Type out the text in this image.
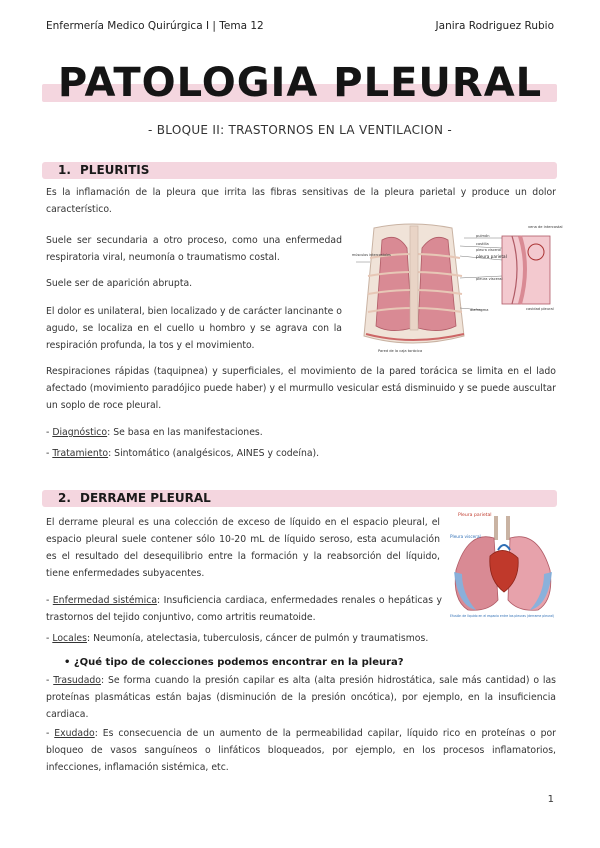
Enfermería Medico Quirúrgica I | Tema 12	Janira Rodriguez Rubio
PATOLOGIA PLEURAL
- BLOQUE II: TRASTORNOS EN LA VENTILACION -
1. PLEURITIS
Es la inflamación de la pleura que irrita las fibras sensitivas de la pleura parietal y produce un dolor característico.
Suele ser secundaria a otro proceso, como una enfermedad respiratoria viral, neumonía o traumatismo costal.
Suele ser de aparición abrupta.
El dolor es unilateral, bien localizado y de carácter lancinante o agudo, se localiza en el cuello u hombro y se agrava con la respiración profunda, la tos y el movimiento.
pulmón
costilla
vena de intercostal
músculos intercostales	pleura parietal
pleura visceral
pleura visceral
diafragma	cavidad pleural
Pared de la caja torácica
Respiraciones rápidas (taquipnea) y superficiales, el movimiento de la pared torácica se limita en el lado afectado (movimiento paradójico puede haber) y el murmullo vesicular está disminuido y se puede auscultar un soplo de roce pleural.
- Diagnóstico: Se basa en las manifestaciones.
- Tratamiento: Sintomático (analgésicos, AINES y codeína).
2. DERRAME PLEURAL
El derrame pleural es una colección de exceso de líquido en el espacio pleural, el espacio pleural suele contener sólo 10-20 mL de líquido seroso, esta acumulación es el resultado del desequilibrio entre la formación y la reabsorción del líquido, tiene enfermedades subyacentes.
Pleura parietal
Pleura visceral
Efusión de líquido en el espacio entre las pleuras (derrame pleural)
- Enfermedad sistémica: Insuficiencia cardiaca, enfermedades renales o hepáticas y trastornos del tejido conjuntivo, como artritis reumatoide.
- Locales: Neumonía, atelectasia, tuberculosis, cáncer de pulmón y traumatismos.
• ¿Qué tipo de colecciones podemos encontrar en la pleura?
- Trasudado: Se forma cuando la presión capilar es alta (alta presión hidrostática, sale más cantidad) o las proteínas plasmáticas están bajas (disminución de la presión oncótica), por ejemplo, en la insuficiencia cardiaca.
- Exudado: Es consecuencia de un aumento de la permeabilidad capilar, líquido rico en proteínas o por bloqueo de vasos sanguíneos o linfáticos bloqueados, por ejemplo, en los procesos inflamatorios, infecciones, inflamación sistémica, etc.
1
